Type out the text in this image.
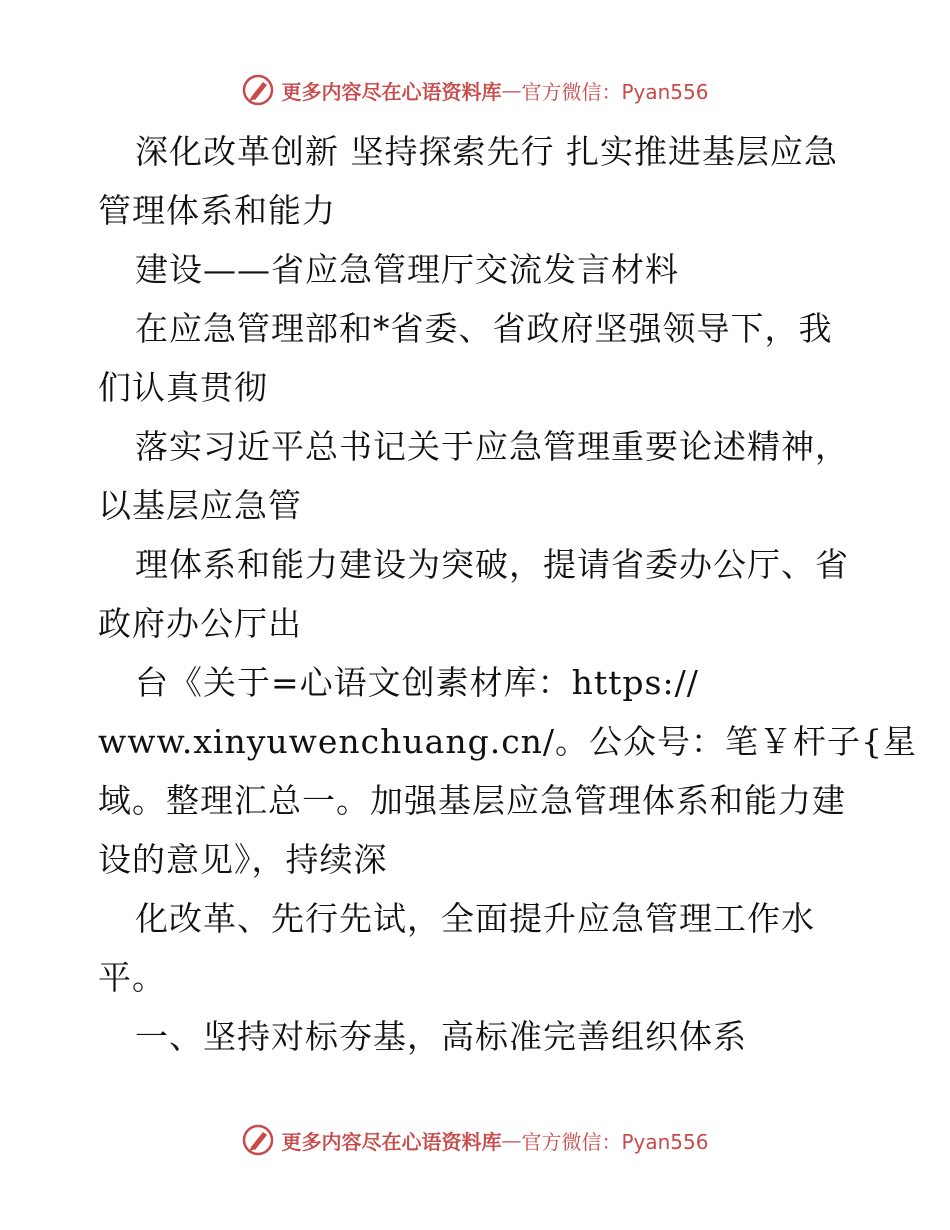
更多内容尽在心语资料库 — 官方微信：Pyan556
深化改革创新 坚持探索先行 扎实推进基层应急
管理体系和能力
建设——省应急管理厅交流发言材料
在应急管理部和*省委、省政府坚强领导下，我
们认真贯彻
落实习近平总书记关于应急管理重要论述精神，
以基层应急管
理体系和能力建设为突破，提请省委办公厅、省
政府办公厅出
台《关于=心语文创素材库：https://
www.xinyuwenchuang.cn/。公众号：笔￥杆子{星
域。整理汇总一。加强基层应急管理体系和能力建
设的意见》，持续深
化改革、先行先试，全面提升应急管理工作水
平。
一、坚持对标夯基，高标准完善组织体系
更多内容尽在心语资料库 — 官方微信：Pyan556
